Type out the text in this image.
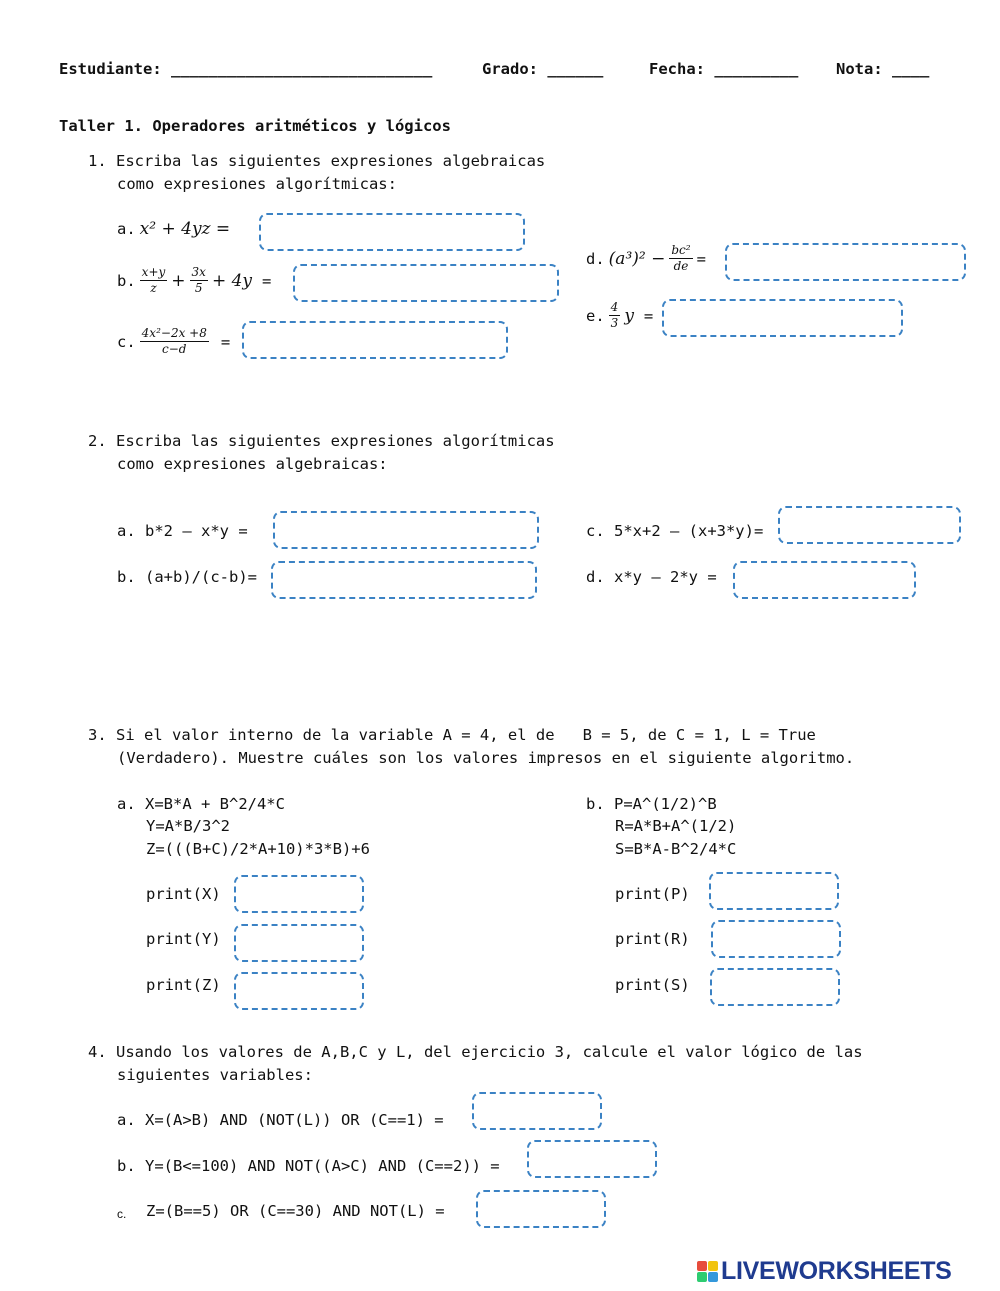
Estudiante: ____________________________	Grado: ______	Fecha: _________ Nota: ____
Taller 1. Operadores aritméticos y lógicos
1. Escriba las siguientes expresiones algebraicas
como expresiones algorítmicas:
a. x² + 4yz =
b. $\frac{x+y}{z} + \frac{3x}{5} + 4y$ =
c. $\frac{\text{4x²−2x +8}}{c-d}$ =
d. $(a^3)^2 - \frac{\text{bc²}}{de}$ =
e. $\frac{4}{3}$ y =
2. Escriba las siguientes expresiones algorítmicas
como expresiones algebraicas:
a. b*2 – x*y =
b. (a+b)/(c-b)=
c. 5*x+2 – (x+3*y)=
d. x*y – 2*y =
3. Si el valor interno de la variable A = 4, el de   B = 5, de C = 1, L = True
(Verdadero). Muestre cuáles son los valores impresos en el siguiente algoritmo.
a. X=B*A + B^2/4*C
Y=A*B/3^2
Z=(((B+C)/2*A+10)*3*B)+6
b. P=A^(1/2)^B
R=A*B+A^(1/2)
S=B*A-B^2/4*C
print(X)
print(Y)
print(Z)
print(P)
print(R)
print(S)
4. Usando los valores de A,B,C y L, del ejercicio 3, calcule el valor lógico de las
siguientes variables:
a. X=(A>B) AND (NOT(L)) OR (C==1) =
b. Y=(B<=100) AND NOT((A>C) AND (C==2)) =
c. Z=(B==5) OR (C==30) AND NOT(L) =
LIVEWORKSHEETS
